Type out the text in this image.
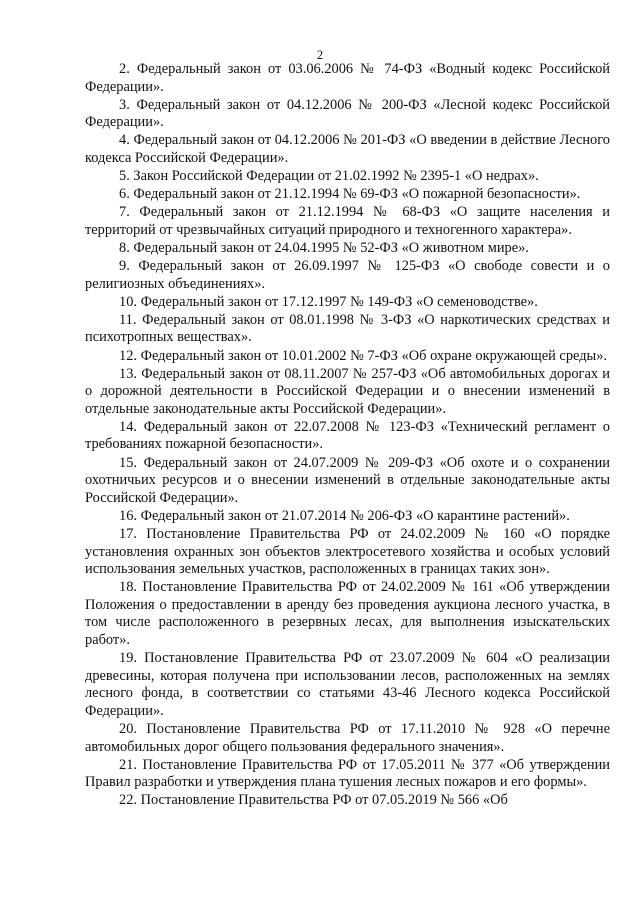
2

2. Федеральный закон от 03.06.2006 № 74-ФЗ «Водный кодекс Российской Федерации».

3. Федеральный закон от 04.12.2006 № 200-ФЗ «Лесной кодекс Российской Федерации».

4. Федеральный закон от 04.12.2006 № 201-ФЗ «О введении в действие Лесного кодекса Российской Федерации».

5. Закон Российской Федерации от 21.02.1992 № 2395-1 «О недрах».

6. Федеральный закон от 21.12.1994 № 69-ФЗ «О пожарной безопасности».

7. Федеральный закон от 21.12.1994 № 68-ФЗ «О защите населения и территорий от чрезвычайных ситуаций природного и техногенного характера».

8. Федеральный закон от 24.04.1995 № 52-ФЗ «О животном мире».

9. Федеральный закон от 26.09.1997 № 125-ФЗ «О свободе совести и о религиозных объединениях».

10. Федеральный закон от 17.12.1997 № 149-ФЗ «О семеноводстве».

11. Федеральный закон от 08.01.1998 № 3-ФЗ «О наркотических средствах и психотропных веществах».

12. Федеральный закон от 10.01.2002 № 7-ФЗ «Об охране окружающей среды».

13. Федеральный закон от 08.11.2007 № 257-ФЗ «Об автомобильных дорогах и о дорожной деятельности в Российской Федерации и о внесении изменений в отдельные законодательные акты Российской Федерации».

14. Федеральный закон от 22.07.2008 № 123-ФЗ «Технический регламент о требованиях пожарной безопасности».

15. Федеральный закон от 24.07.2009 № 209-ФЗ «Об охоте и о сохранении охотничьих ресурсов и о внесении изменений в отдельные законодательные акты Российской Федерации».

16. Федеральный закон от 21.07.2014 № 206-ФЗ «О карантине растений».

17. Постановление Правительства РФ от 24.02.2009 № 160 «О порядке установления охранных зон объектов электросетевого хозяйства и особых условий использования земельных участков, расположенных в границах таких зон».

18. Постановление Правительства РФ от 24.02.2009 № 161 «Об утверждении Положения о предоставлении в аренду без проведения аукциона лесного участка, в том числе расположенного в резервных лесах, для выполнения изыскательских работ».

19. Постановление Правительства РФ от 23.07.2009 № 604 «О реализации древесины, которая получена при использовании лесов, расположенных на землях лесного фонда, в соответствии со статьями 43-46 Лесного кодекса Российской Федерации».

20. Постановление Правительства РФ от 17.11.2010 № 928 «О перечне автомобильных дорог общего пользования федерального значения».

21. Постановление Правительства РФ от 17.05.2011 № 377 «Об утверждении Правил разработки и утверждения плана тушения лесных пожаров и его формы».

22. Постановление Правительства РФ от 07.05.2019 № 566 «Об
